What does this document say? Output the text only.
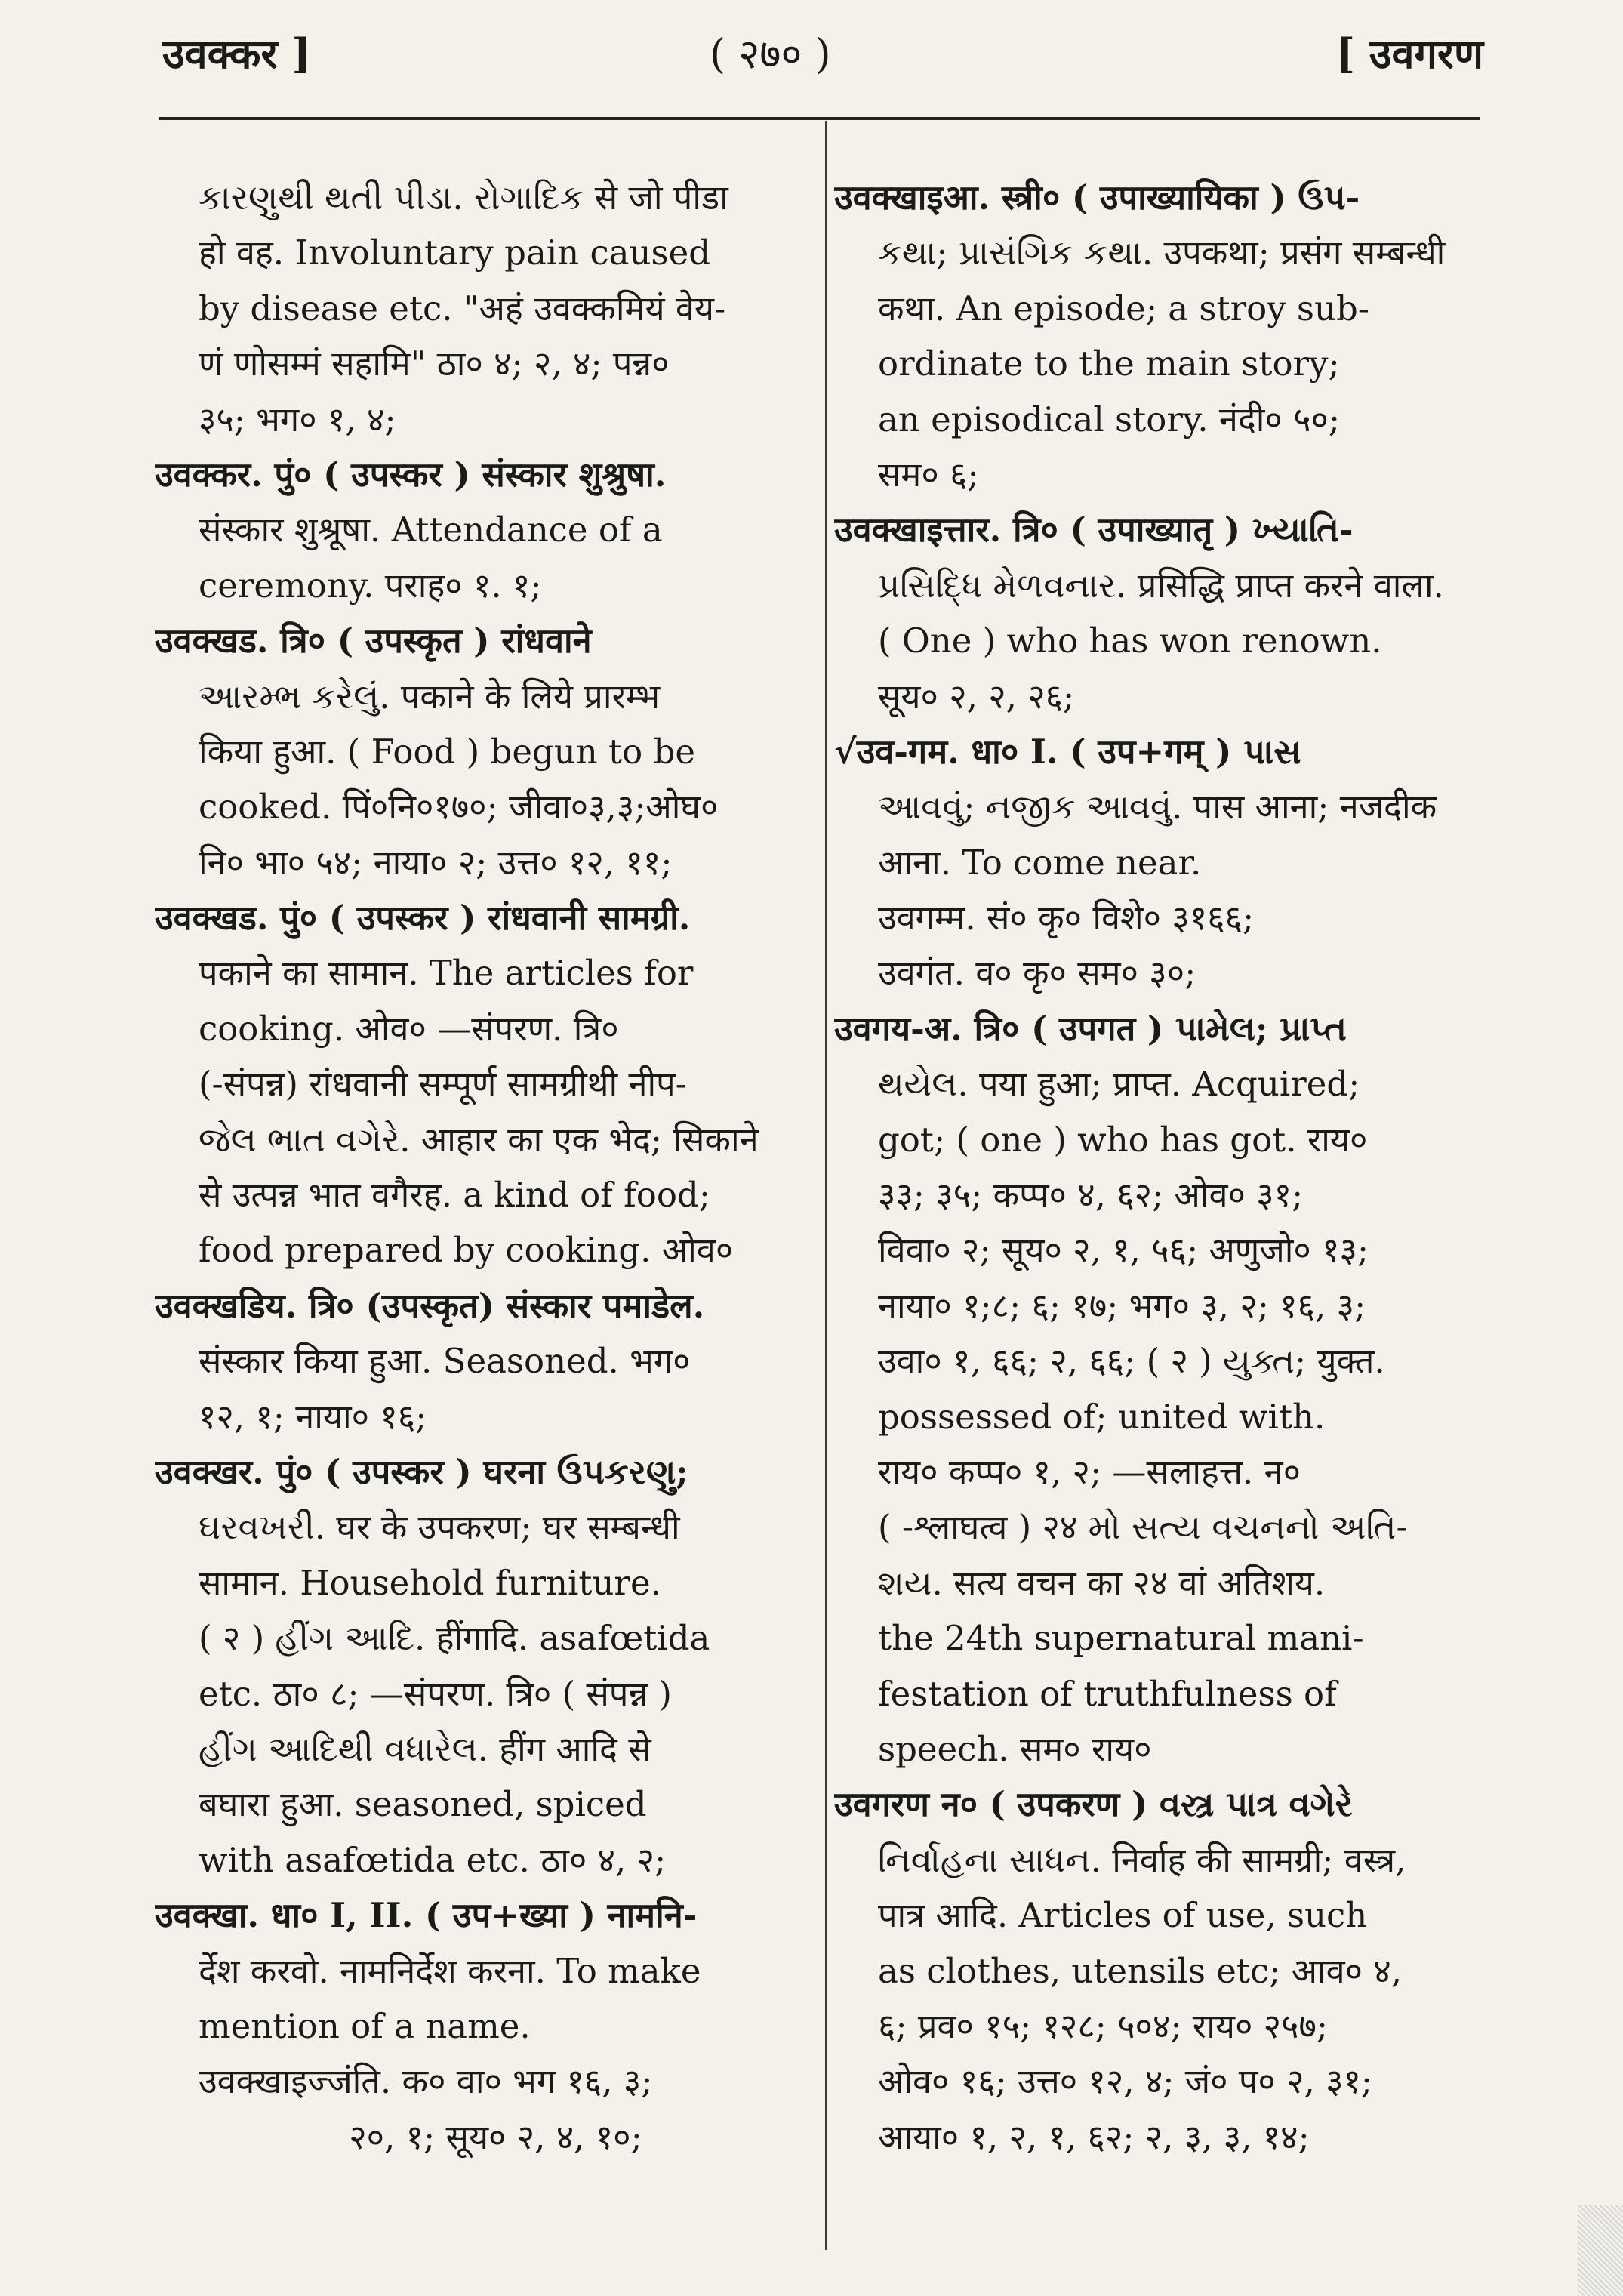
उवक्कर ]	( २७० )	[ उवगरण
કારણુથી થતી પીડા. રોગાદિક से जो पीडा
हो वह. Involuntary pain caused
by disease etc. "अहं उवक्कमियं वेय-
णं णोसम्मं सहामि" ठा० ४; २, ४; पन्न०
३५; भग० १, ४;
उवक्कर. पुं० ( उपस्कर ) संस्कार शुश्रुषा.
संस्कार शुश्रूषा. Attendance of a
ceremony. पराह० १. १;
उवक्खड. त्रि० ( उपस्कृत ) रांधवाने
આરમ્ભ કરેલું. पकाने के लिये प्रारम्भ
किया हुआ. ( Food ) begun to be
cooked. पिं०नि०१७०; जीवा०३,३;ओघ०
नि० भा० ५४; नाया० २; उत्त० १२, ११;
उवक्खड. पुं० ( उपस्कर ) रांधवानी सामग्री.
पकाने का सामान. The articles for
cooking. ओव० —संपरण. त्रि०
(-संपन्न) रांधवानी सम्पूर्ण सामग्रीथी नीप-
જેલ ભાત વગેરે. आहार का एक भेद; सिकाने
से उत्पन्न भात वगैरह. a kind of food;
food prepared by cooking. ओव०
उवक्खडिय. त्रि० (उपस्कृत) संस्कार पमाडेल.
संस्कार किया हुआ. Seasoned. भग०
१२, १; नाया० १६;
उवक्खर. पुं० ( उपस्कर ) घरना ઉપકરણુ;
ઘરવખરી. घर के उपकरण; घर सम्बन्धी
सामान. Household furniture.
( २ ) હીંગ આદિ. हींगादि. asafœtida
etc. ठा० ८; —संपरण. त्रि० ( संपन्न )
હીંગ આદિથી વધારેલ. हींग आदि से
बघारा हुआ. seasoned, spiced
with asafœtida etc. ठा० ४, २;
उवक्खा. धा० I, II. ( उप+ख्या ) नामनि-
र्देश करवो. नामनिर्देश करना. To make
mention of a name.
उवक्खाइज्जंति. क० वा० भग १६, ३;
२०, १; सूय० २, ४, १०;
उवक्खाइआ. स्त्री० ( उपाख्यायिका ) ઉપ-
કથા; પ્રાસંગિક કથા. उपकथा; प्रसंग सम्बन्धी
कथा. An episode; a stroy sub-
ordinate to the main story;
an episodical story. नंदी० ५०;
सम० ६;
उवक्खाइत्तार. त्रि० ( उपाख्यातृ ) ખ્યાતિ-
પ્રસિદ્ધિ મેળવનાર. प्रसिद्धि प्राप्त करने वाला.
( One ) who has won renown.
सूय० २, २, २६;
√उव-गम. धा० I. ( उप+गम् ) પાસ
આવવું; નજીક આવવું. पास आना; नजदीक
आना. To come near.
उवगम्म. सं० कृ० विशे० ३१६६;
उवगंत. व० कृ० सम० ३०;
उवगय-अ. त्रि० ( उपगत ) પામેલ; પ્રાપ્ત
થયેલ. पया हुआ; प्राप्त. Acquired;
got; ( one ) who has got. राय०
३३; ३५; कप्प० ४, ६२; ओव० ३१;
विवा० २; सूय० २, १, ५६; अणुजो० १३;
नाया० १;८; ६; १७; भग० ३, २; १६, ३;
उवा० १, ६६; २, ६६; ( २ ) યુક્ત; युक्त.
possessed of; united with.
राय० कप्प० १, २; —सलाहत्त. न०
( -श्लाघत्व ) २४ મો સત્ય વચનનો અતિ-
શય. सत्य वचन का २४ वां अतिशय.
the 24th supernatural mani-
festation of truthfulness of
speech. सम० राय०
उवगरण न० ( उपकरण ) વસ્ત્ર પાત્ર વગેરે
નિર્વાહના સાધન. निर्वाह की सामग्री; वस्त्र,
पात्र आदि. Articles of use, such
as clothes, utensils etc; आव० ४,
६; प्रव० १५; १२८; ५०४; राय० २५७;
ओव० १६; उत्त० १२, ४; जं० प० २, ३१;
आया० १, २, १, ६२; २, ३, ३, १४;
